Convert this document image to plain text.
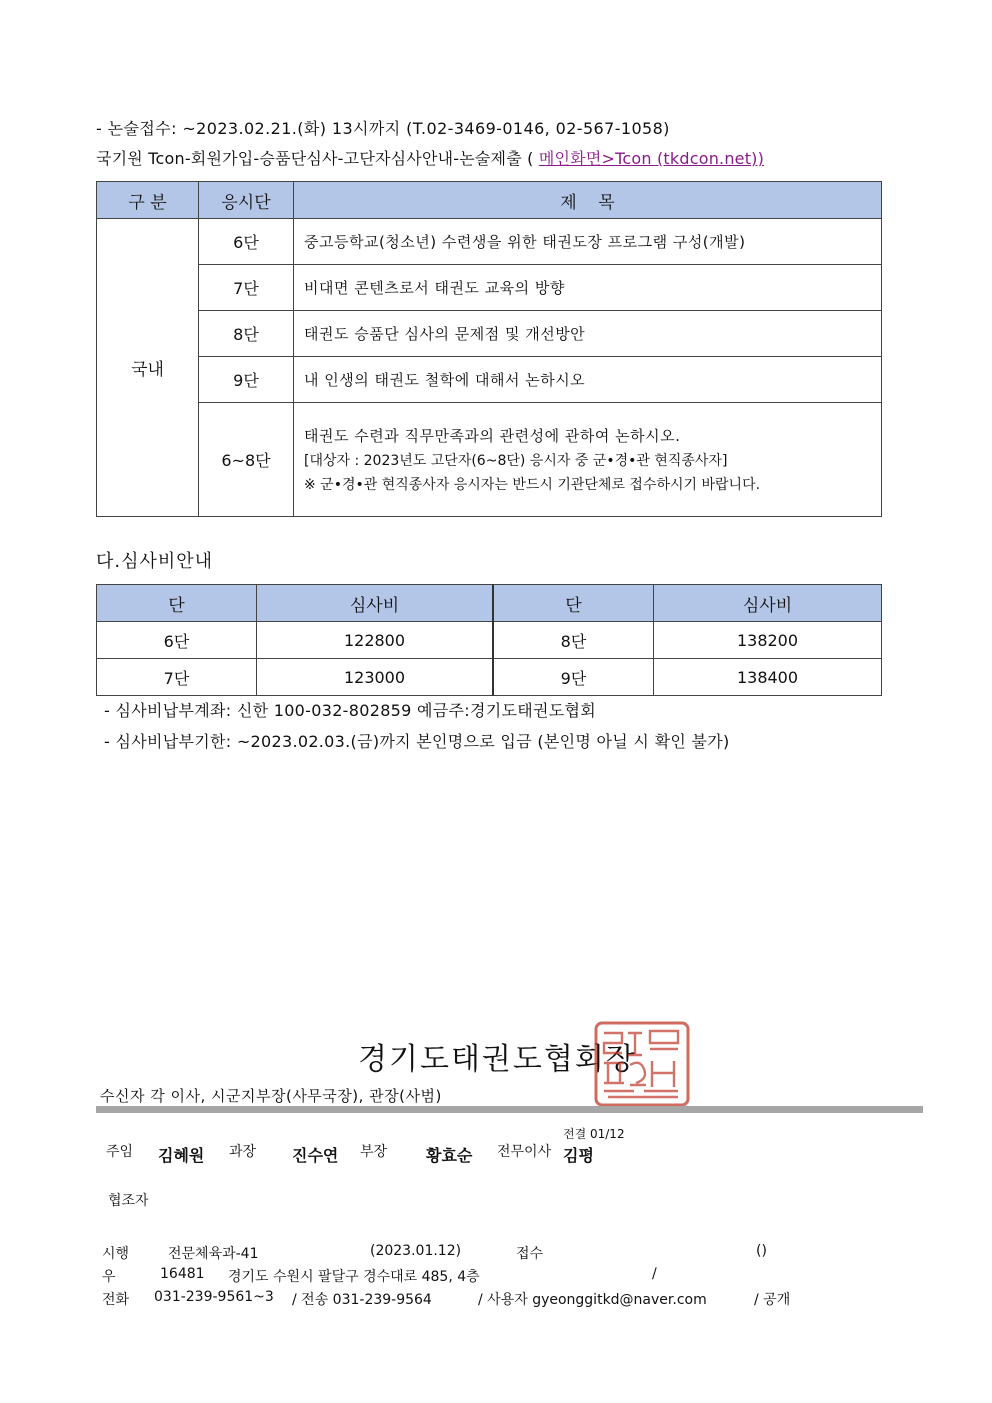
- 논술접수: ~2023.02.21.(화) 13시까지 (T.02-3469-0146, 02-567-1058)
국기원 Tcon-회원가입-승품단심사-고단자심사안내-논술제출 ( 메인화면>Tcon (tkdcon.net))
구 분	응시단	제    목
국내	6단	중고등학교(청소년) 수련생을 위한 태권도장 프로그램 구성(개발)
	7단	비대면 콘텐츠로서 태권도 교육의 방향
	8단	태권도 승품단 심사의 문제점 및 개선방안
	9단	내 인생의 태권도 철학에 대해서 논하시오
	6~8단	태권도 수련과 직무만족과의 관련성에 관하여 논하시오.
[대상자 : 2023년도 고단자(6~8단) 응시자 중 군•경•관 현직종사자]
※ 군•경•관 현직종사자 응시자는 반드시 기관단체로 접수하시기 바랍니다.
다.심사비안내
단	심사비	단	심사비
6단	122800	8단	138200
7단	123000	9단	138400
- 심사비납부계좌: 신한 100-032-802859 예금주:경기도태권도협회
- 심사비납부기한: ~2023.02.03.(금)까지 본인명으로 입금 (본인명 아닐 시 확인 불가)
경기도태권도협회장
수신자 각 이사, 시군지부장(사무국장), 관장(사범)
주임 김혜원 과장 진수연 부장 황효순 전무이사
전결 01/12
김평
협조자
시행	전문체육과-41	(2023.01.12)	접수	()
우	16481 경기도 수원시 팔달구 경수대로 485, 4층	/
전화 031-239-9561~3 / 전송 031-239-9564	/ 사용자 gyeonggitkd@naver.com	/ 공개
